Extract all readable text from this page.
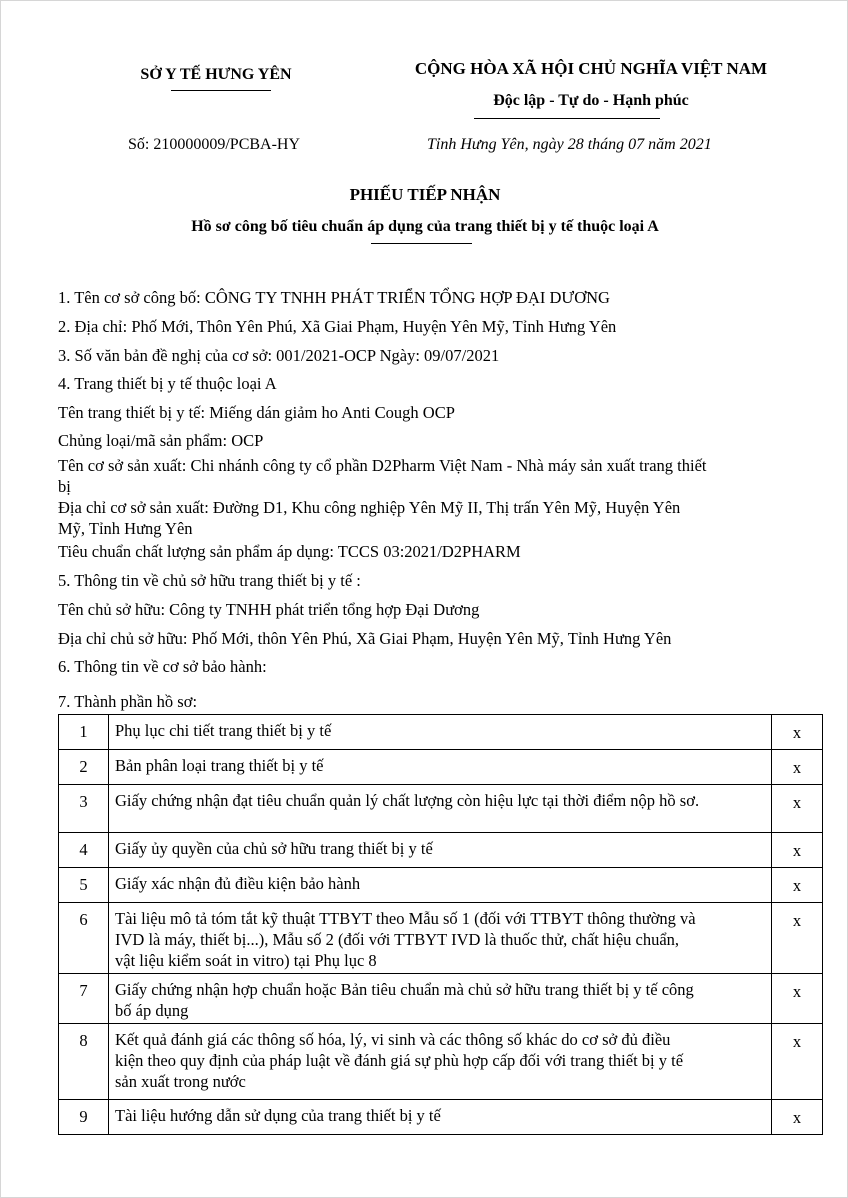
SỞ Y TẾ HƯNG YÊN	CỘNG HÒA XÃ HỘI CHỦ NGHĨA VIỆT NAM
Độc lập - Tự do - Hạnh phúc
Số: 210000009/PCBA-HY	Tỉnh Hưng Yên, ngày 28 tháng 07 năm 2021
PHIẾU TIẾP NHẬN
Hồ sơ công bố tiêu chuẩn áp dụng của trang thiết bị y tế thuộc loại A
1. Tên cơ sở công bố: CÔNG TY TNHH PHÁT TRIỂN TỔNG HỢP ĐẠI DƯƠNG
2. Địa chỉ: Phố Mới, Thôn Yên Phú, Xã Giai Phạm, Huyện Yên Mỹ, Tỉnh Hưng Yên
3. Số văn bản đề nghị của cơ sở: 001/2021-OCP Ngày: 09/07/2021
4. Trang thiết bị y tế thuộc loại A
Tên trang thiết bị y tế: Miếng dán giảm ho Anti Cough OCP
Chủng loại/mã sản phẩm: OCP
Tên cơ sở sản xuất: Chi nhánh công ty cổ phần D2Pharm Việt Nam - Nhà máy sản xuất trang thiết
bị
Địa chỉ cơ sở sản xuất: Đường D1, Khu công nghiệp Yên Mỹ II, Thị trấn Yên Mỹ, Huyện Yên
Mỹ, Tỉnh Hưng Yên
Tiêu chuẩn chất lượng sản phẩm áp dụng: TCCS 03:2021/D2PHARM
5. Thông tin về chủ sở hữu trang thiết bị y tế :
Tên chủ sở hữu: Công ty TNHH phát triển tổng hợp Đại Dương
Địa chỉ chủ sở hữu: Phố Mới, thôn Yên Phú, Xã Giai Phạm, Huyện Yên Mỹ, Tỉnh Hưng Yên
6. Thông tin về cơ sở bảo hành:
7. Thành phần hồ sơ:
1	Phụ lục chi tiết trang thiết bị y tế	x
2	Bản phân loại trang thiết bị y tế	x
3	Giấy chứng nhận đạt tiêu chuẩn quản lý chất lượng còn hiệu lực tại thời điểm nộp hồ sơ.	x
4	Giấy ủy quyền của chủ sở hữu trang thiết bị y tế	x
5	Giấy xác nhận đủ điều kiện bảo hành	x
6	Tài liệu mô tả tóm tắt kỹ thuật TTBYT theo Mẫu số 1 (đối với TTBYT thông thường và
IVD là máy, thiết bị...), Mẫu số 2 (đối với TTBYT IVD là thuốc thử, chất hiệu chuẩn,
vật liệu kiểm soát in vitro) tại Phụ lục 8	x
7	Giấy chứng nhận hợp chuẩn hoặc Bản tiêu chuẩn mà chủ sở hữu trang thiết bị y tế công
bố áp dụng	x
8	Kết quả đánh giá các thông số hóa, lý, vi sinh và các thông số khác do cơ sở đủ điều
kiện theo quy định của pháp luật về đánh giá sự phù hợp cấp đối với trang thiết bị y tế
sản xuất trong nước	x
9	Tài liệu hướng dẫn sử dụng của trang thiết bị y tế	x
